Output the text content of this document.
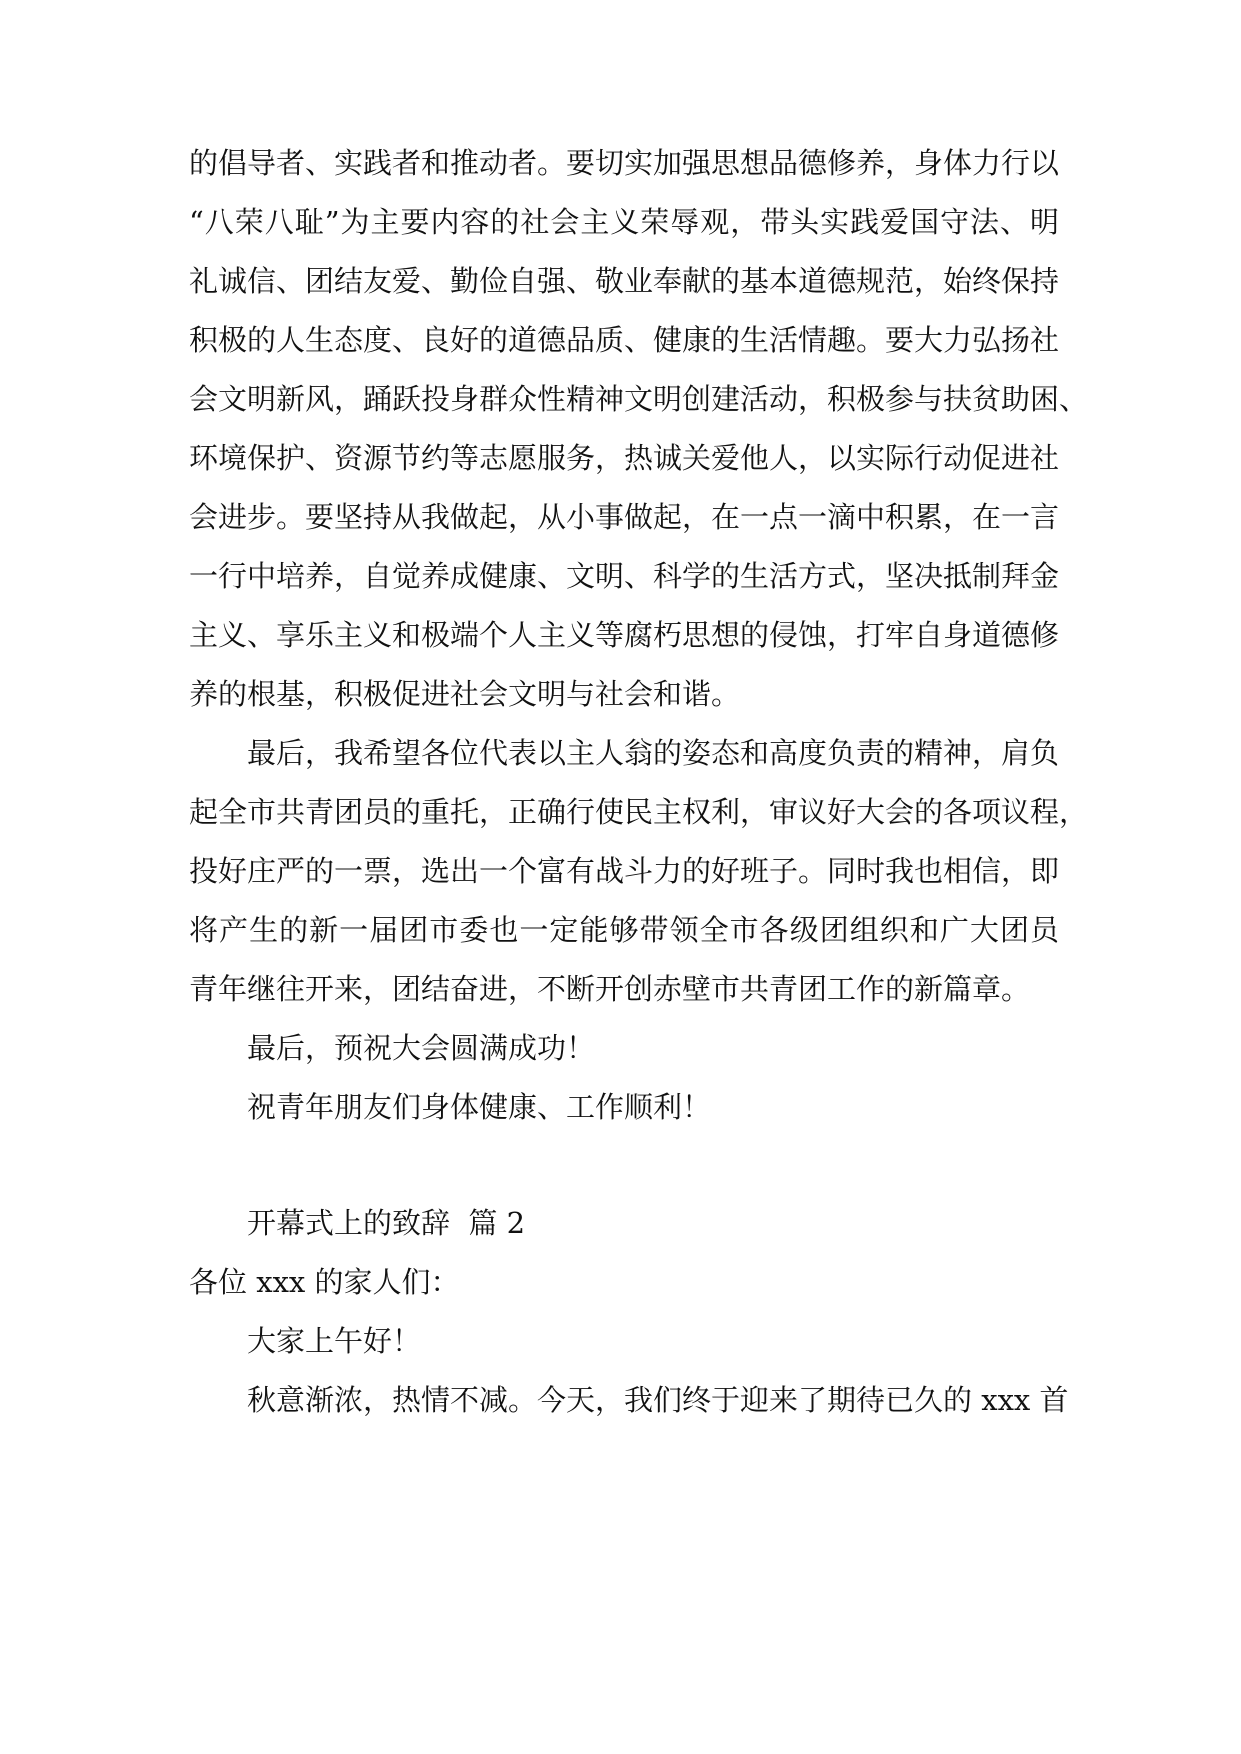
的倡导者、实践者和推动者。要切实加强思想品德修养，身体力行以
“八荣八耻”为主要内容的社会主义荣辱观，带头实践爱国守法、明
礼诚信、团结友爱、勤俭自强、敬业奉献的基本道德规范，始终保持
积极的人生态度、良好的道德品质、健康的生活情趣。要大力弘扬社
会文明新风，踊跃投身群众性精神文明创建活动，积极参与扶贫助困、
环境保护、资源节约等志愿服务，热诚关爱他人，以实际行动促进社
会进步。要坚持从我做起，从小事做起，在一点一滴中积累，在一言
一行中培养，自觉养成健康、文明、科学的生活方式，坚决抵制拜金
主义、享乐主义和极端个人主义等腐朽思想的侵蚀，打牢自身道德修
养的根基，积极促进社会文明与社会和谐。
最后，我希望各位代表以主人翁的姿态和高度负责的精神，肩负
起全市共青团员的重托，正确行使民主权利，审议好大会的各项议程，
投好庄严的一票，选出一个富有战斗力的好班子。同时我也相信，即
将产生的新一届团市委也一定能够带领全市各级团组织和广大团员
青年继往开来，团结奋进，不断开创赤壁市共青团工作的新篇章。
最后，预祝大会圆满成功！
祝青年朋友们身体健康、工作顺利！
开幕式上的致辞  篇 2
各位 xxx 的家人们：
大家上午好！
秋意渐浓，热情不减。今天，我们终于迎来了期待已久的 xxx 首
